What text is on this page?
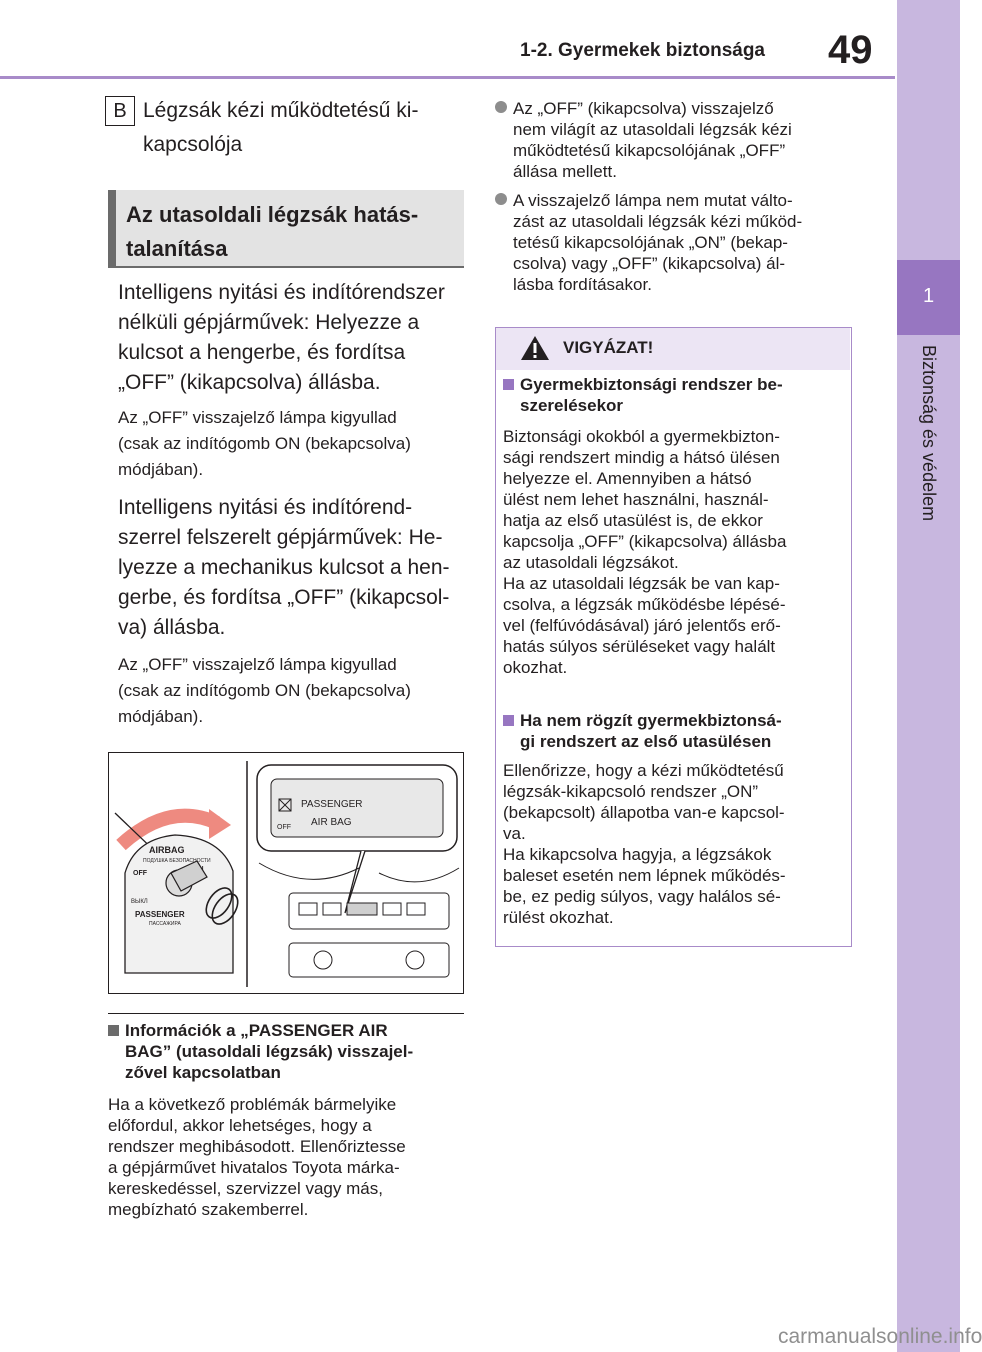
1-2. Gyermekek biztonsága 49
1
Biztonság és védelem
B Légzsák kézi működtetésű ki-
kapcsolója
Az utasoldali légzsák hatás-
talanítása
Intelligens nyitási és indítórendszer
nélküli gépjárművek: Helyezze a
kulcsot a hengerbe, és fordítsa
„OFF” (kikapcsolva) állásba.
Az „OFF” visszajelző lámpa kigyullad
(csak az indítógomb ON (bekapcsolva)
módjában).
Intelligens nyitási és indítórend-
szerrel felszerelt gépjárművek: He-
lyezze a mechanikus kulcsot a hen-
gerbe, és fordítsa „OFF” (kikapcsol-
va) állásba.
Az „OFF” visszajelző lámpa kigyullad
(csak az indítógomb ON (bekapcsolva)
módjában).
AIRBAG
ПОДУШКА БЕЗОПАСНОСТИ
OFF
ВЫКЛ
PASSENGER
ПАССАЖИРА
PASSENGER
AIR BAG
OFF
Információk a „PASSENGER AIR
BAG” (utasoldali légzsák) visszajel-
zővel kapcsolatban
Ha a következő problémák bármelyike
előfordul, akkor lehetséges, hogy a
rendszer meghibásodott. Ellenőriztesse
a gépjárművet hivatalos Toyota márka-
kereskedéssel, szervizzel vagy más,
megbízható szakemberrel.
Az „OFF” (kikapcsolva) visszajelző
nem világít az utasoldali légzsák kézi
működtetésű kikapcsolójának „OFF”
állása mellett.
A visszajelző lámpa nem mutat válto-
zást az utasoldali légzsák kézi működ-
tetésű kikapcsolójának „ON” (bekap-
csolva) vagy „OFF” (kikapcsolva) ál-
lásba fordításakor.
VIGYÁZAT!
Gyermekbiztonsági rendszer be-
szerelésekor
Biztonsági okokból a gyermekbizton-
sági rendszert mindig a hátsó ülésen
helyezze el. Amennyiben a hátsó
ülést nem lehet használni, használ-
hatja az első utasülést is, de ekkor
kapcsolja „OFF” (kikapcsolva) állásba
az utasoldali légzsákot.
Ha az utasoldali légzsák be van kap-
csolva, a légzsák működésbe lépésé-
vel (felfúvódásával) járó jelentős erő-
hatás súlyos sérüléseket vagy halált
okozhat.
Ha nem rögzít gyermekbiztonsá-
gi rendszert az első utasülésen
Ellenőrizze, hogy a kézi működtetésű
légzsák-kikapcsoló rendszer „ON”
(bekapcsolt) állapotba van-e kapcsol-
va.
Ha kikapcsolva hagyja, a légzsákok
baleset esetén nem lépnek működés-
be, ez pedig súlyos, vagy halálos sé-
rülést okozhat.
carmanualsonline.info
